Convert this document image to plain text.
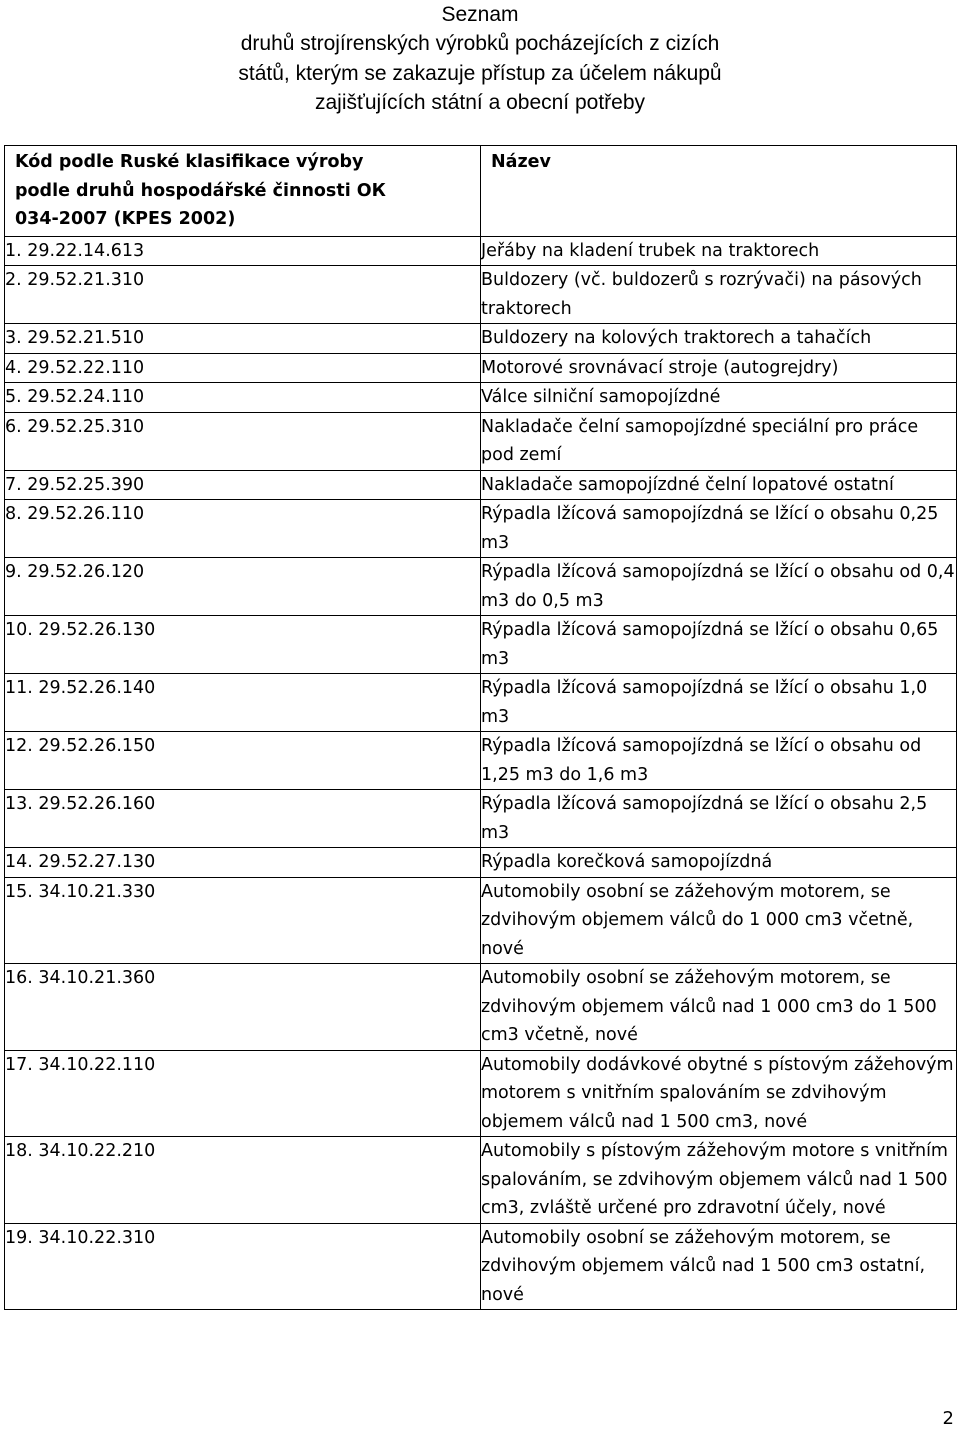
Seznam
druhů strojírenských výrobků pocházejících z cizích
států, kterým se zakazuje přístup za účelem nákupů
zajišťujících státní a obecní potřeby
Kód podle Ruské klasifikace výroby podle druhů hospodářské činnosti ОК 034-2007 (KPES 2002)	Název
1. 29.22.14.613	Jeřáby na kladení trubek na traktorech
2. 29.52.21.310	Buldozery (vč. buldozerů s rozrývači) na pásových traktorech
3. 29.52.21.510	Buldozery na kolových traktorech a tahačích
4. 29.52.22.110	Motorové srovnávací stroje (autogrejdry)
5. 29.52.24.110	Válce silniční samopojízdné
6. 29.52.25.310	Nakladače čelní samopojízdné speciální pro práce pod zemí
7. 29.52.25.390	Nakladače samopojízdné čelní lopatové ostatní
8. 29.52.26.110	Rýpadla lžícová samopojízdná se lžící o obsahu 0,25 m3
9. 29.52.26.120	Rýpadla lžícová samopojízdná se lžící o obsahu od 0,4 m3 do 0,5 m3
10. 29.52.26.130	Rýpadla lžícová samopojízdná se lžící o obsahu 0,65 m3
11. 29.52.26.140	Rýpadla lžícová samopojízdná se lžící o obsahu 1,0 m3
12. 29.52.26.150	Rýpadla lžícová samopojízdná se lžící o obsahu od 1,25 m3 do 1,6 m3
13. 29.52.26.160	Rýpadla lžícová samopojízdná se lžící o obsahu 2,5 m3
14. 29.52.27.130	Rýpadla korečková samopojízdná
15. 34.10.21.330	Automobily osobní se zážehovým motorem, se zdvihovým objemem válců do 1 000 cm3 včetně, nové
16. 34.10.21.360	Automobily osobní se zážehovým motorem, se zdvihovým objemem válců nad 1 000 cm3 do 1 500 cm3 včetně, nové
17. 34.10.22.110	Automobily dodávkové obytné s pístovým zážehovým motorem s vnitřním spalováním se zdvihovým objemem válců nad 1 500 cm3, nové
18. 34.10.22.210	Automobily s pístovým zážehovým motore s vnitřním spalováním, se zdvihovým objemem válců nad 1 500 cm3, zvláště určené pro zdravotní účely, nové
19. 34.10.22.310	Automobily osobní se zážehovým motorem, se zdvihovým objemem válců nad 1 500 cm3 ostatní, nové
2
